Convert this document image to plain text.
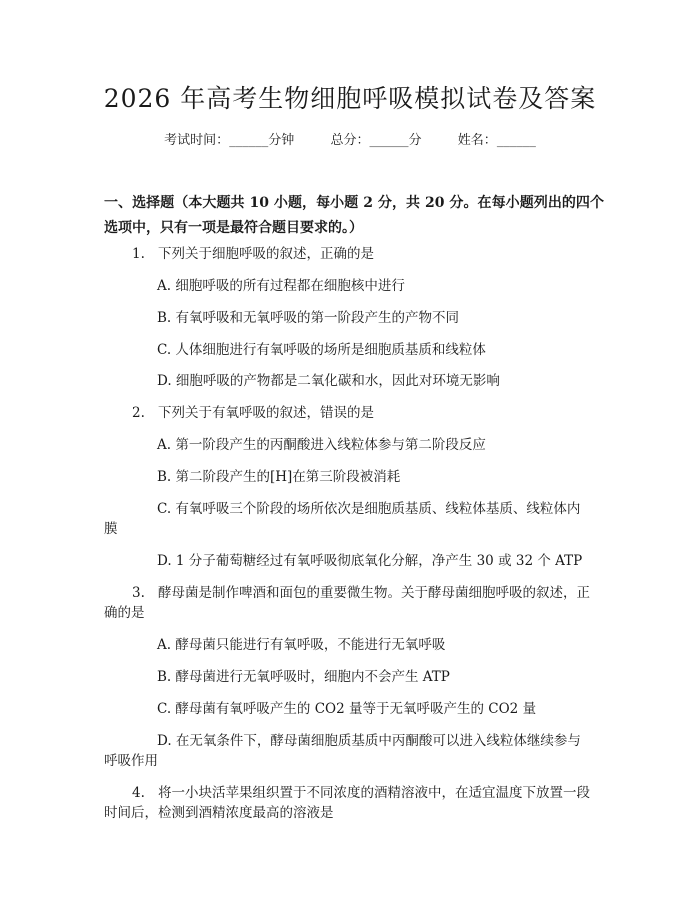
2026 年高考生物细胞呼吸模拟试卷及答案
考试时间：______分钟	总分：______分	姓名：______
一、选择题（本大题共 10 小题，每小题 2 分，共 20 分。在每小题列出的四个选项中，只有一项是最符合题目要求的。）
1. 下列关于细胞呼吸的叙述，正确的是
A. 细胞呼吸的所有过程都在细胞核中进行
B. 有氧呼吸和无氧呼吸的第一阶段产生的产物不同
C. 人体细胞进行有氧呼吸的场所是细胞质基质和线粒体
D. 细胞呼吸的产物都是二氧化碳和水，因此对环境无影响
2. 下列关于有氧呼吸的叙述，错误的是
A. 第一阶段产生的丙酮酸进入线粒体参与第二阶段反应
B. 第二阶段产生的[H]在第三阶段被消耗
C. 有氧呼吸三个阶段的场所依次是细胞质基质、线粒体基质、线粒体内
膜
D. 1 分子葡萄糖经过有氧呼吸彻底氧化分解，净产生 30 或 32 个 ATP
3. 酵母菌是制作啤酒和面包的重要微生物。关于酵母菌细胞呼吸的叙述，正
确的是
A. 酵母菌只能进行有氧呼吸，不能进行无氧呼吸
B. 酵母菌进行无氧呼吸时，细胞内不会产生 ATP
C. 酵母菌有氧呼吸产生的 CO2 量等于无氧呼吸产生的 CO2 量
D. 在无氧条件下，酵母菌细胞质基质中丙酮酸可以进入线粒体继续参与
呼吸作用
4. 将一小块活苹果组织置于不同浓度的酒精溶液中，在适宜温度下放置一段
时间后，检测到酒精浓度最高的溶液是
